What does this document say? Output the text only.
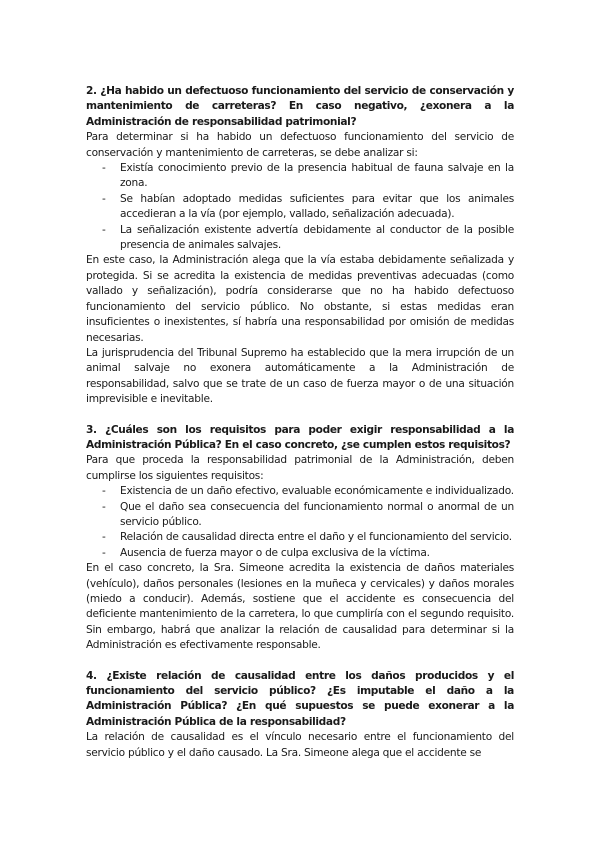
2. ¿Ha habido un defectuoso funcionamiento del servicio de conservación y mantenimiento de carreteras? En caso negativo, ¿exonera a la Administración de responsabilidad patrimonial?

Para determinar si ha habido un defectuoso funcionamiento del servicio de conservación y mantenimiento de carreteras, se debe analizar si:

- Existía conocimiento previo de la presencia habitual de fauna salvaje en la zona.
- Se habían adoptado medidas suficientes para evitar que los animales accedieran a la vía (por ejemplo, vallado, señalización adecuada).
- La señalización existente advertía debidamente al conductor de la posible presencia de animales salvajes.

En este caso, la Administración alega que la vía estaba debidamente señalizada y protegida. Si se acredita la existencia de medidas preventivas adecuadas (como vallado y señalización), podría considerarse que no ha habido defectuoso funcionamiento del servicio público. No obstante, si estas medidas eran insuficientes o inexistentes, sí habría una responsabilidad por omisión de medidas necesarias.

La jurisprudencia del Tribunal Supremo ha establecido que la mera irrupción de un animal salvaje no exonera automáticamente a la Administración de responsabilidad, salvo que se trate de un caso de fuerza mayor o de una situación imprevisible e inevitable.

3. ¿Cuáles son los requisitos para poder exigir responsabilidad a la Administración Pública? En el caso concreto, ¿se cumplen estos requisitos?

Para que proceda la responsabilidad patrimonial de la Administración, deben cumplirse los siguientes requisitos:

- Existencia de un daño efectivo, evaluable económicamente e individualizado.
- Que el daño sea consecuencia del funcionamiento normal o anormal de un servicio público.
- Relación de causalidad directa entre el daño y el funcionamiento del servicio.
- Ausencia de fuerza mayor o de culpa exclusiva de la víctima.

En el caso concreto, la Sra. Simeone acredita la existencia de daños materiales (vehículo), daños personales (lesiones en la muñeca y cervicales) y daños morales (miedo a conducir). Además, sostiene que el accidente es consecuencia del deficiente mantenimiento de la carretera, lo que cumpliría con el segundo requisito. Sin embargo, habrá que analizar la relación de causalidad para determinar si la Administración es efectivamente responsable.

4. ¿Existe relación de causalidad entre los daños producidos y el funcionamiento del servicio público? ¿Es imputable el daño a la Administración Pública? ¿En qué supuestos se puede exonerar a la Administración Pública de la responsabilidad?

La relación de causalidad es el vínculo necesario entre el funcionamiento del servicio público y el daño causado. La Sra. Simeone alega que el accidente se
